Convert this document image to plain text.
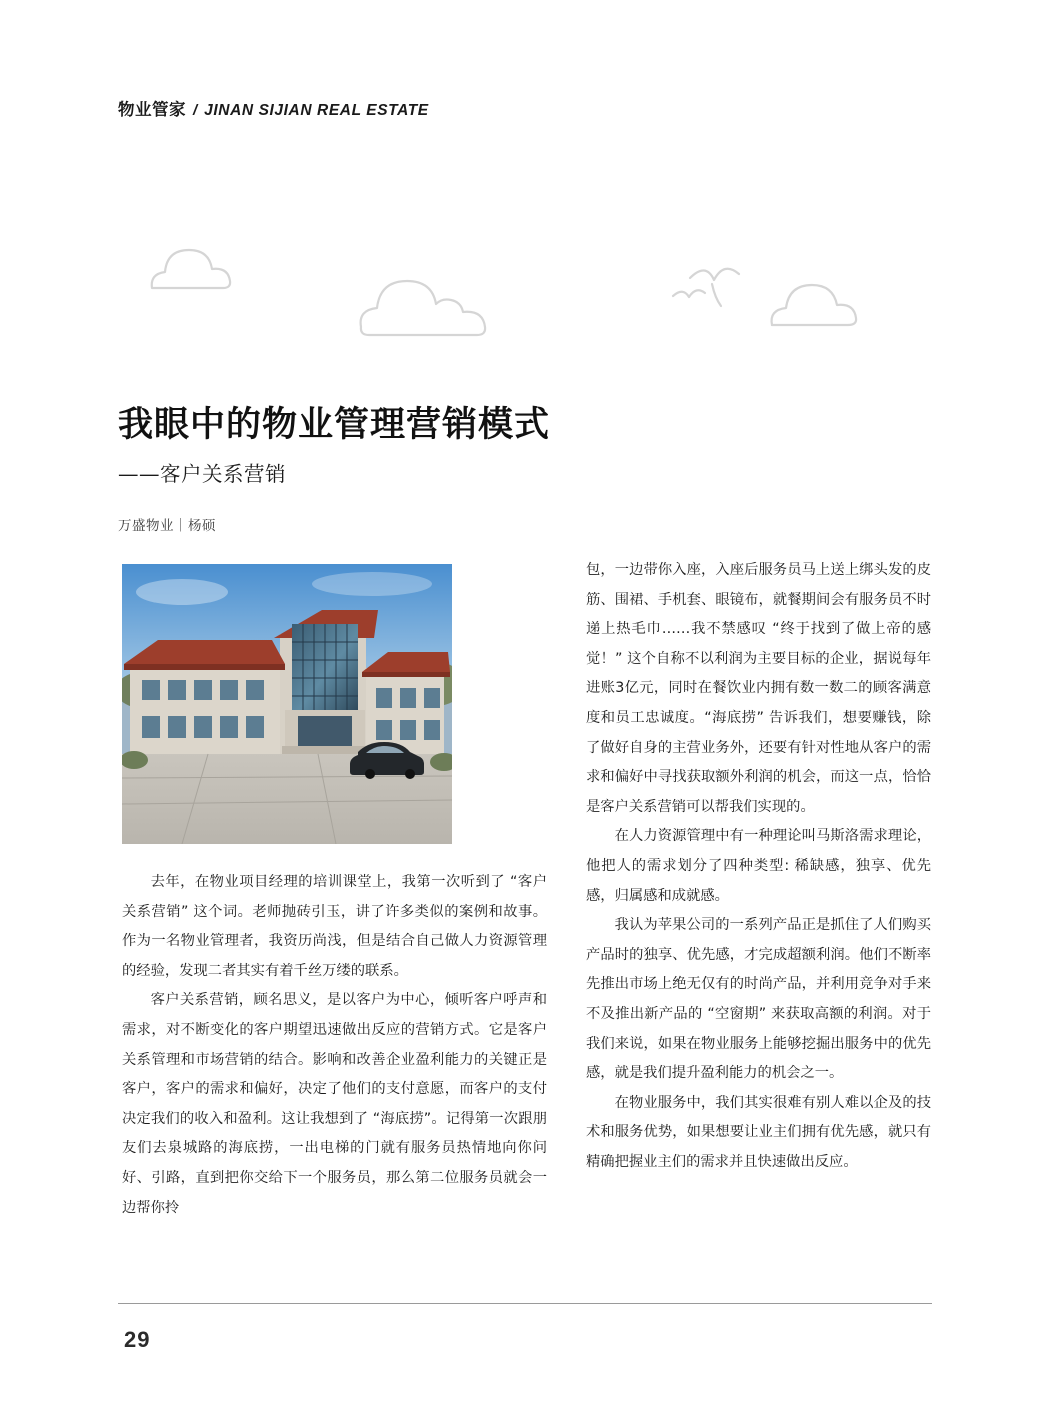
物业管家 / JINAN SIJIAN REAL ESTATE
我眼中的物业管理营销模式
——客户关系营销
万盛物业｜杨硕

去年，在物业项目经理的培训课堂上，我第一次听到了 “客户关系营销” 这个词。老师抛砖引玉，讲了许多类似的案例和故事。作为一名物业管理者，我资历尚浅，但是结合自己做人力资源管理的经验，发现二者其实有着千丝万缕的联系。

客户关系营销，顾名思义，是以客户为中心，倾听客户呼声和需求，对不断变化的客户期望迅速做出反应的营销方式。它是客户关系管理和市场营销的结合。影响和改善企业盈利能力的关键正是客户，客户的需求和偏好，决定了他们的支付意愿，而客户的支付决定我们的收入和盈利。这让我想到了 “海底捞”。记得第一次跟朋友们去泉城路的海底捞，一出电梯的门就有服务员热情地向你问好、引路，直到把你交给下一个服务员，那么第二位服务员就会一边帮你拎

包，一边带你入座，入座后服务员马上送上绑头发的皮筋、围裙、手机套、眼镜布，就餐期间会有服务员不时递上热毛巾……我不禁感叹 “终于找到了做上帝的感觉！” 这个自称不以利润为主要目标的企业，据说每年进账3亿元，同时在餐饮业内拥有数一数二的顾客满意度和员工忠诚度。“海底捞” 告诉我们，想要赚钱，除了做好自身的主营业务外，还要有针对性地从客户的需求和偏好中寻找获取额外利润的机会，而这一点，恰恰是客户关系营销可以帮我们实现的。

在人力资源管理中有一种理论叫马斯洛需求理论，他把人的需求划分了四种类型: 稀缺感，独享、优先感，归属感和成就感。

我认为苹果公司的一系列产品正是抓住了人们购买产品时的独享、优先感，才完成超额利润。他们不断率先推出市场上绝无仅有的时尚产品，并利用竞争对手来不及推出新产品的 “空窗期” 来获取高额的利润。对于我们来说，如果在物业服务上能够挖掘出服务中的优先感，就是我们提升盈利能力的机会之一。

在物业服务中，我们其实很难有别人难以企及的技术和服务优势，如果想要让业主们拥有优先感，就只有精确把握业主们的需求并且快速做出反应。

29
